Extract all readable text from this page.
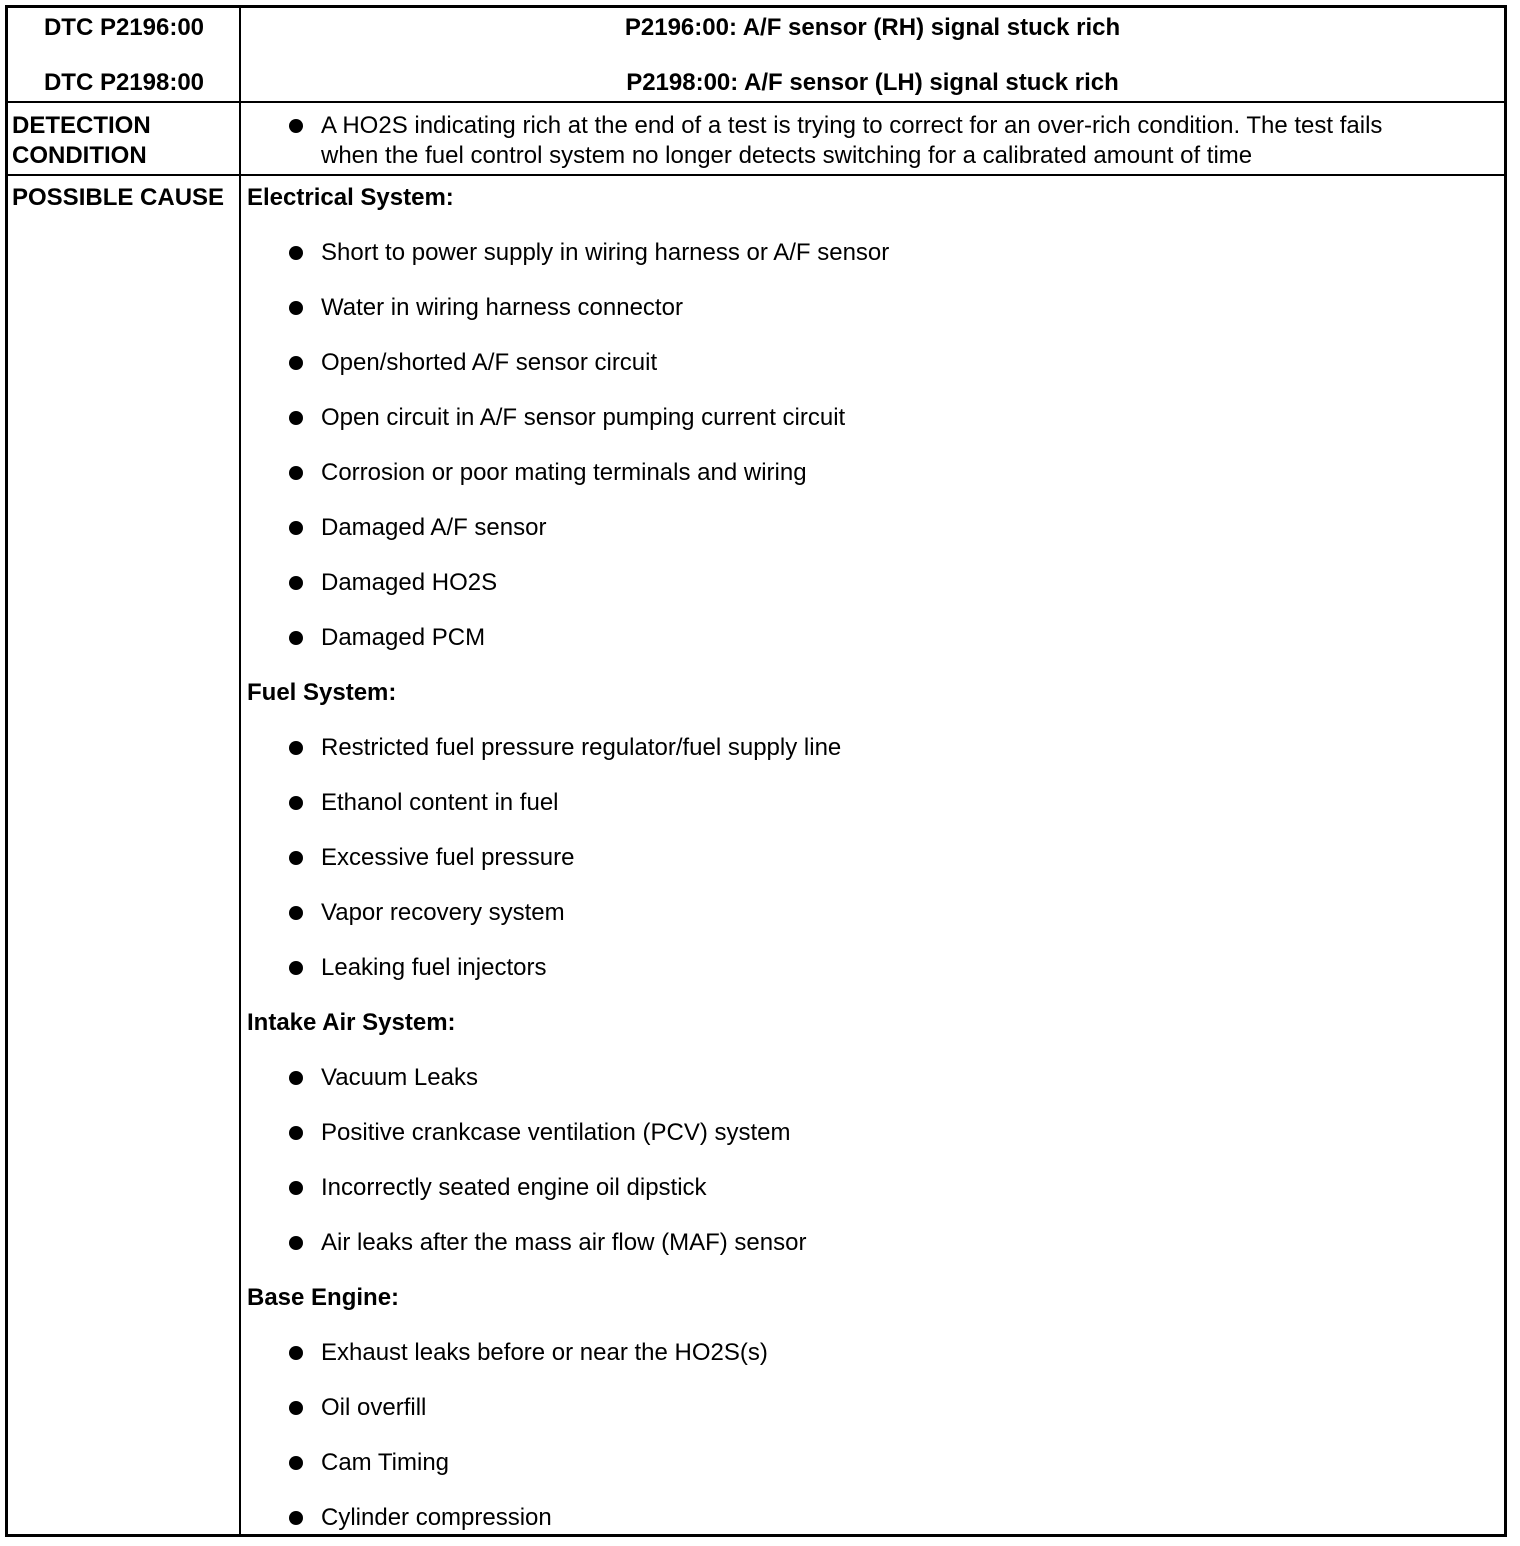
DTC P2196:00
DTC P2198:00
P2196:00: A/F sensor (RH) signal stuck rich
P2198:00: A/F sensor (LH) signal stuck rich
DETECTION
CONDITION
A HO2S indicating rich at the end of a test is trying to correct for an over-rich condition. The test fails
when the fuel control system no longer detects switching for a calibrated amount of time
POSSIBLE CAUSE Electrical System:
Short to power supply in wiring harness or A/F sensor
Water in wiring harness connector
Open/shorted A/F sensor circuit
Open circuit in A/F sensor pumping current circuit
Corrosion or poor mating terminals and wiring
Damaged A/F sensor
Damaged HO2S
Damaged PCM
Fuel System:
Restricted fuel pressure regulator/fuel supply line
Ethanol content in fuel
Excessive fuel pressure
Vapor recovery system
Leaking fuel injectors
Intake Air System:
Vacuum Leaks
Positive crankcase ventilation (PCV) system
Incorrectly seated engine oil dipstick
Air leaks after the mass air flow (MAF) sensor
Base Engine:
Exhaust leaks before or near the HO2S(s)
Oil overfill
Cam Timing
Cylinder compression
